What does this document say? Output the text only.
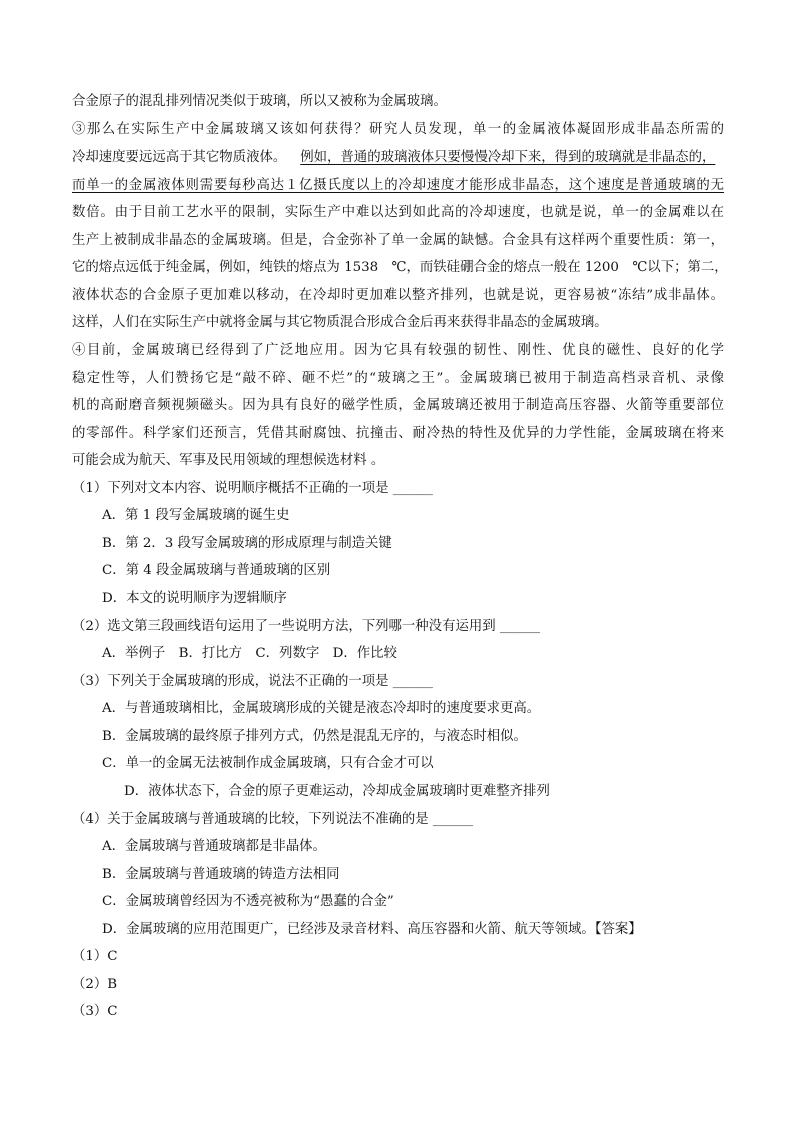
合金原子的混乱排列情况类似于玻璃，所以又被称为金属玻璃。
③那么在实际生产中金属玻璃又该如何获得？研究人员发现，单一的金属液体凝固形成非晶态所需的
冷却速度要远远高于其它物质液体。 例如，普通的玻璃液体只要慢慢冷却下来，得到的玻璃就是非晶态的，
而单一的金属液体则需要每秒高达１亿摄氏度以上的冷却速度才能形成非晶态，这个速度是普通玻璃的无
数倍。由于目前工艺水平的限制，实际生产中难以达到如此高的冷却速度，也就是说，单一的金属难以在
生产上被制成非晶态的金属玻璃。但是，合金弥补了单一金属的缺憾。合金具有这样两个重要性质：第一，
它的熔点远低于纯金属，例如，纯铁的熔点为 1538　℃，而铁硅硼合金的熔点一般在 1200　℃以下；第二，
液体状态的合金原子更加难以移动，在冷却时更加难以整齐排列，也就是说，更容易被“冻结”成非晶体。
这样，人们在实际生产中就将金属与其它物质混合形成合金后再来获得非晶态的金属玻璃。
④目前，金属玻璃已经得到了广泛地应用。因为它具有较强的韧性、刚性、优良的磁性、良好的化学
稳定性等，人们赞扬它是“敲不碎、砸不烂”的“玻璃之王”。金属玻璃已被用于制造高档录音机、录像
机的高耐磨音频视频磁头。因为具有良好的磁学性质，金属玻璃还被用于制造高压容器、火箭等重要部位
的零部件。科学家们还预言，凭借其耐腐蚀、抗撞击、耐冷热的特性及优异的力学性能，金属玻璃在将来
可能会成为航天、军事及民用领域的理想候选材料 。
（1）下列对文本内容、说明顺序概括不正确的一项是 ______
A．第 1 段写金属玻璃的诞生史
B．第 2．3 段写金属玻璃的形成原理与制造关键
C．第 4 段金属玻璃与普通玻璃的区别
D．本文的说明顺序为逻辑顺序
（2）选文第三段画线语句运用了一些说明方法，下列哪一种没有运用到 ______
A．举例子　B．打比方　C．列数字　D．作比较
（3）下列关于金属玻璃的形成，说法不正确的一项是 ______
A．与普通玻璃相比，金属玻璃形成的关键是液态冷却时的速度要求更高。
B．金属玻璃的最终原子排列方式，仍然是混乱无序的，与液态时相似。
C．单一的金属无法被制作成金属玻璃，只有合金才可以
D．液体状态下，合金的原子更难运动，冷却成金属玻璃时更难整齐排列
（4）关于金属玻璃与普通玻璃的比较，下列说法不准确的是 ______
A．金属玻璃与普通玻璃都是非晶体。
B．金属玻璃与普通玻璃的铸造方法相同
C．金属玻璃曾经因为不透亮被称为“愚蠢的合金”
D．金属玻璃的应用范围更广，已经涉及录音材料、高压容器和火箭、航天等领域。【答案】
（1）C
（2）B
（3）C
